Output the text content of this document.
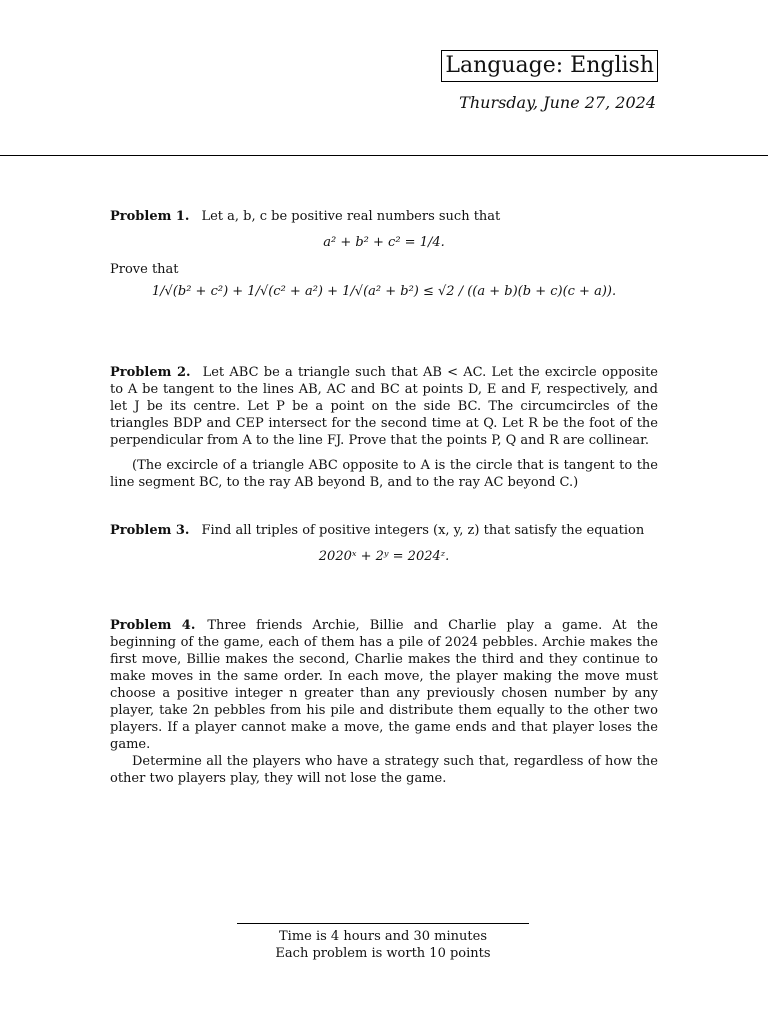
Language: English
Thursday, June 27, 2024

Problem 1. Let a, b, c be positive real numbers such that

a² + b² + c² = 1/4.

Prove that

1/√(b² + c²) + 1/√(c² + a²) + 1/√(a² + b²) ≤ √2 / ((a + b)(b + c)(c + a)).

Problem 2. Let ABC be a triangle such that AB < AC. Let the excircle opposite to A be tangent to the lines AB, AC and BC at points D, E and F, respectively, and let J be its centre. Let P be a point on the side BC. The circumcircles of the triangles BDP and CEP intersect for the second time at Q. Let R be the foot of the perpendicular from A to the line FJ. Prove that the points P, Q and R are collinear.

(The excircle of a triangle ABC opposite to A is the circle that is tangent to the line segment BC, to the ray AB beyond B, and to the ray AC beyond C.)

Problem 3. Find all triples of positive integers (x, y, z) that satisfy the equation

2020ˣ + 2ʸ = 2024ᶻ.

Problem 4. Three friends Archie, Billie and Charlie play a game. At the beginning of the game, each of them has a pile of 2024 pebbles. Archie makes the first move, Billie makes the second, Charlie makes the third and they continue to make moves in the same order. In each move, the player making the move must choose a positive integer n greater than any previously chosen number by any player, take 2n pebbles from his pile and distribute them equally to the other two players. If a player cannot make a move, the game ends and that player loses the game.

Determine all the players who have a strategy such that, regardless of how the other two players play, they will not lose the game.

Time is 4 hours and 30 minutes
Each problem is worth 10 points
